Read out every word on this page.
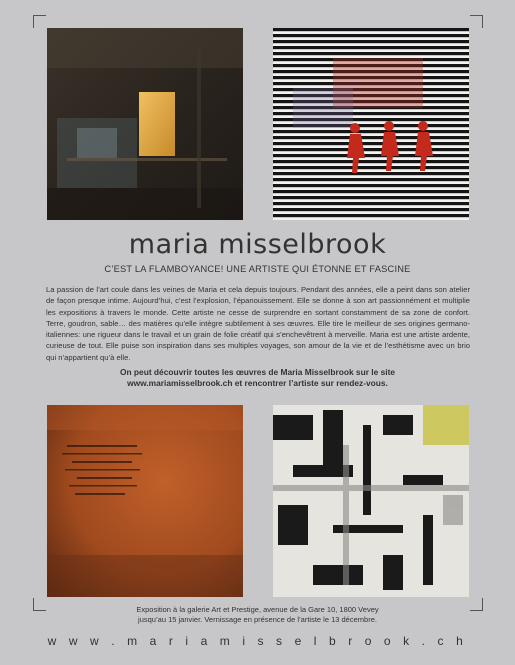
maria misselbrook
C’EST LA FLAMBOYANCE! UNE ARTISTE QUI ÉTONNE ET FASCINE

La passion de l’art coule dans les veines de Maria et cela depuis toujours. Pendant des années, elle a peint dans son atelier de façon presque intime. Aujourd’hui, c’est l’explosion, l’épanouissement. Elle se donne à son art passionnément et multiplie les expositions à travers le monde. Cette artiste ne cesse de surprendre en sortant constamment de sa zone de confort. Terre, goudron, sable… des matières qu’elle intègre subtilement à ses œuvres. Elle tire le meilleur de ses origines germano-italiennes: une rigueur dans le travail et un grain de folie créatif qui s’enchevêtrent à merveille. Maria est une artiste ardente, curieuse de tout. Elle puise son inspiration dans ses multiples voyages, son amour de la vie et de l’esthétisme avec un brio qui n’appartient qu’à elle.

On peut découvrir toutes les œuvres de Maria Misselbrook sur le site
www.mariamisselbrook.ch et rencontrer l’artiste sur rendez-vous.
Exposition à la galerie Art et Prestige, avenue de la Gare 10, 1800 Vevey
jusqu’au 15 janvier. Vernissage en présence de l’artiste le 13 décembre.
w w w . m a r i a m i s s e l b r o o k . c h
